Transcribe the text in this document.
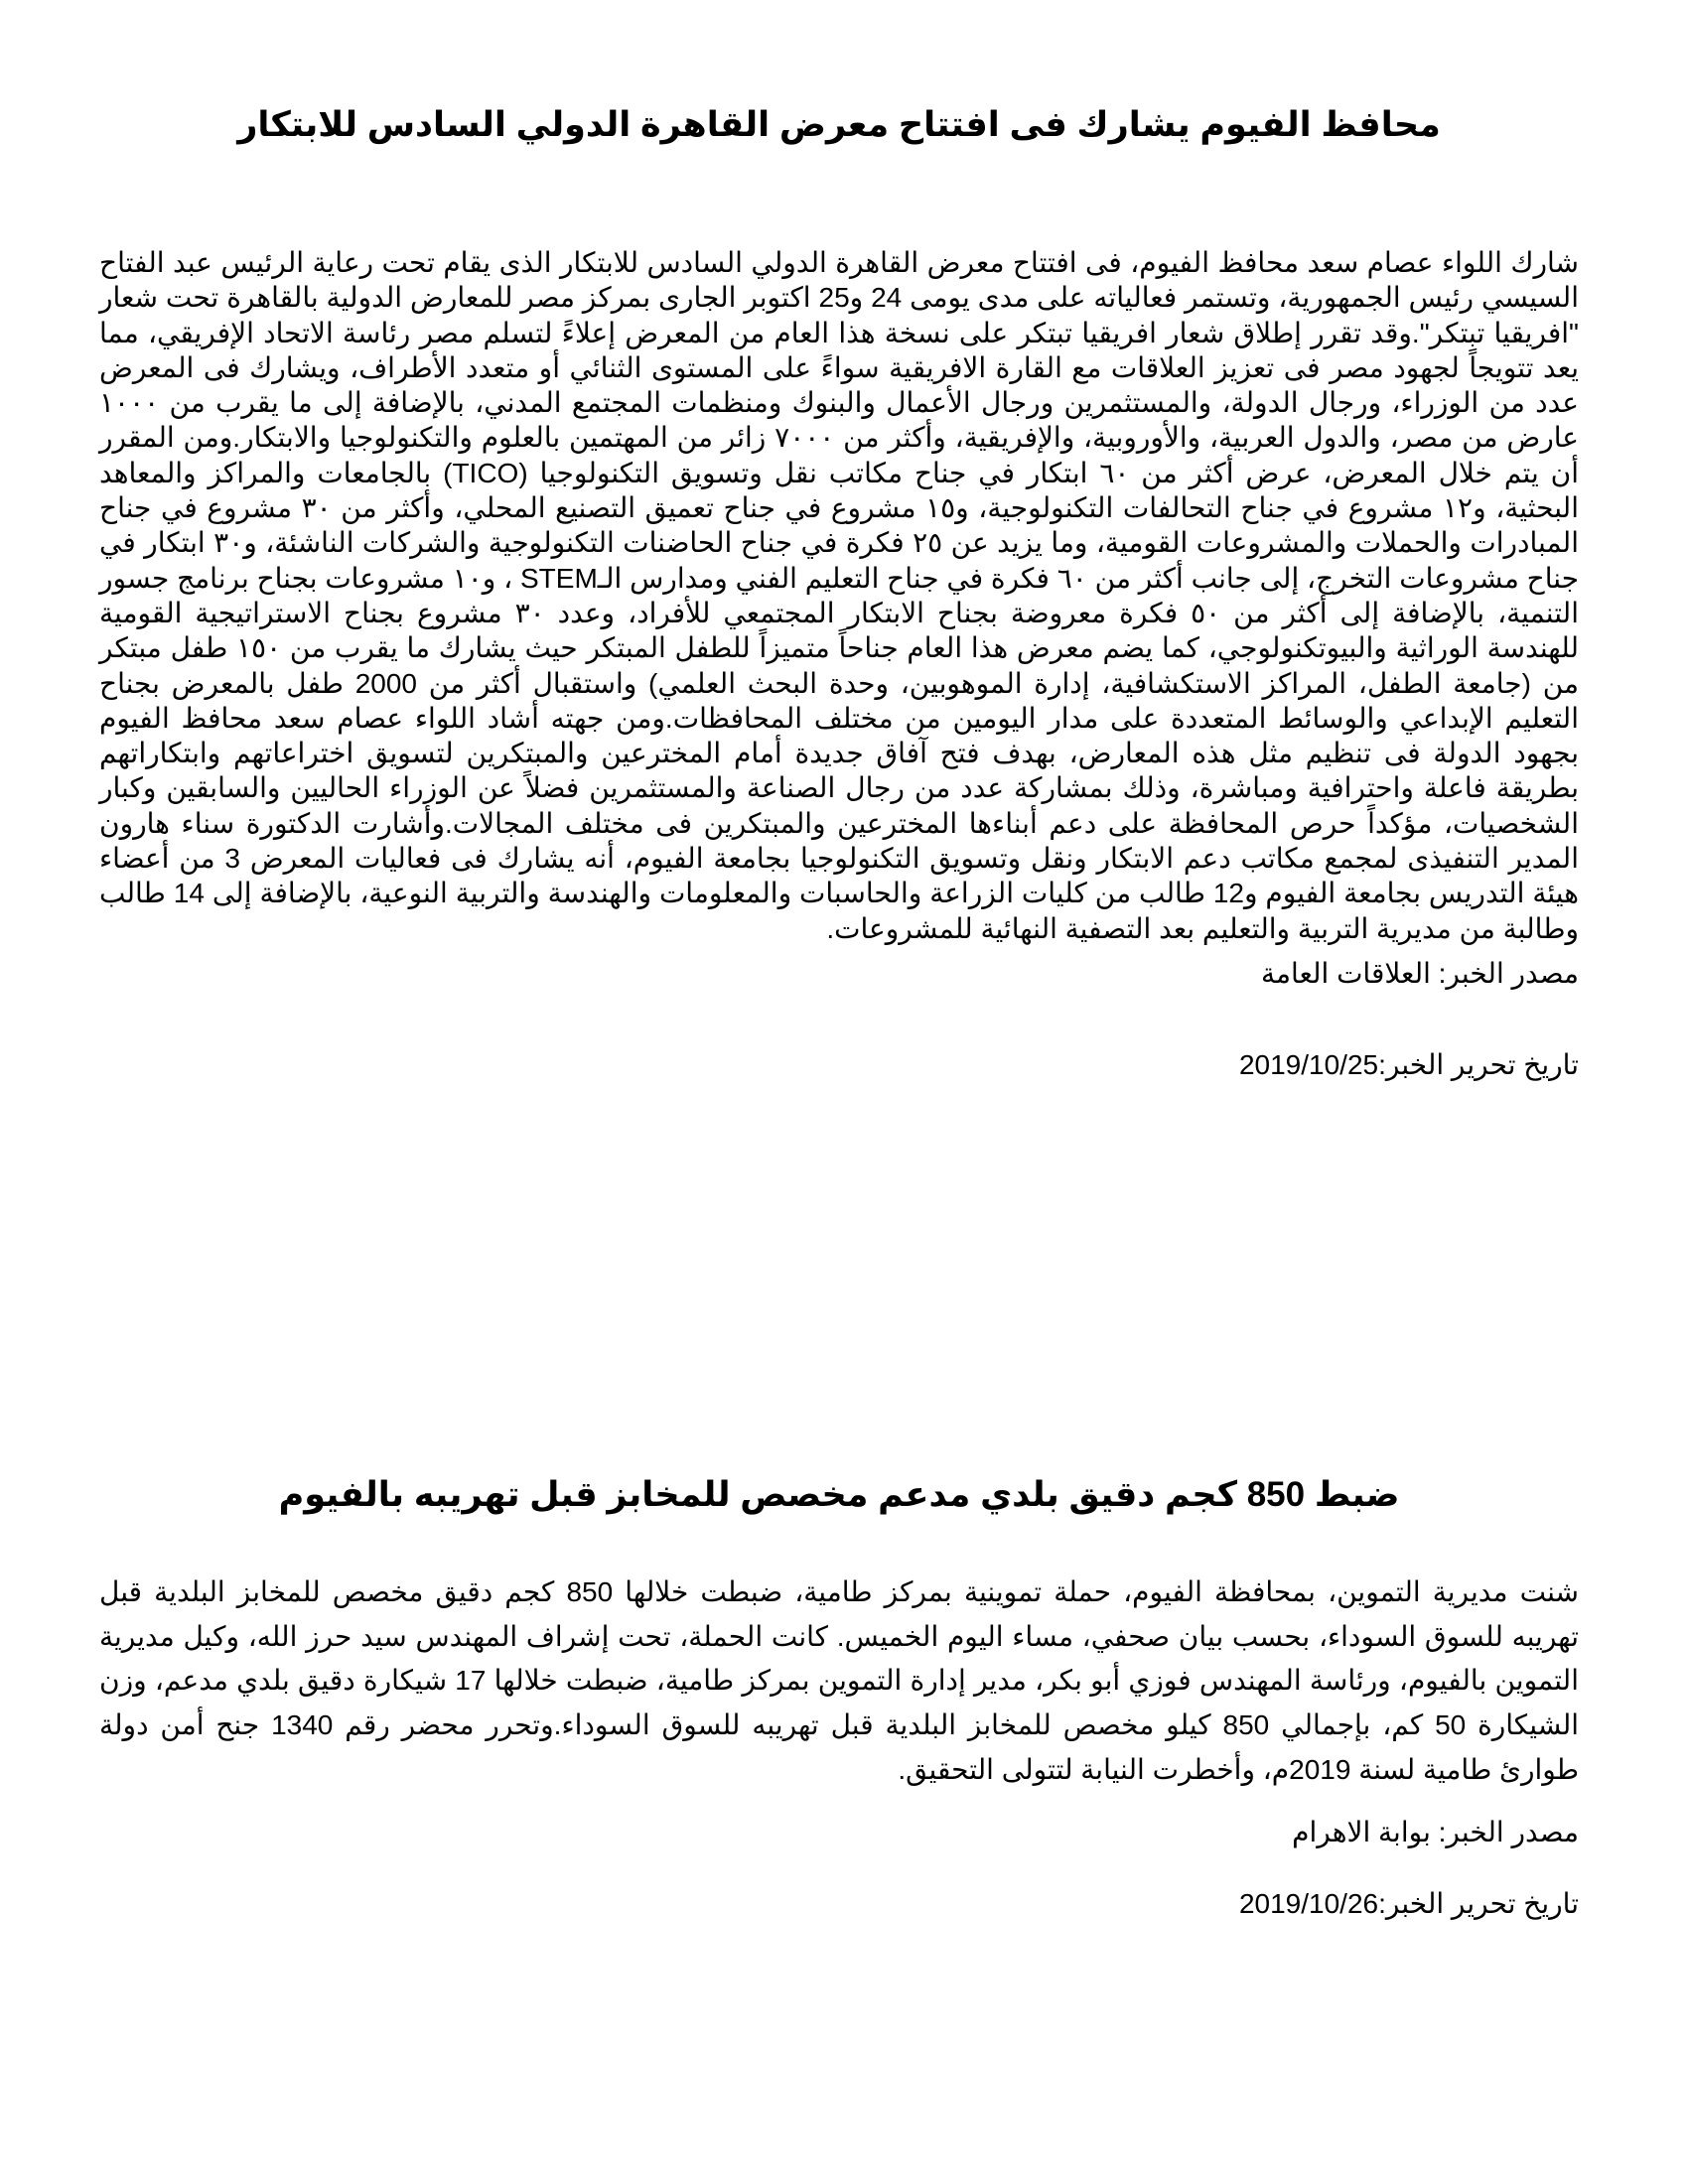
محافظ الفيوم يشارك فى افتتاح معرض القاهرة الدولي السادس للابتكار

شارك اللواء عصام سعد محافظ الفيوم، فى افتتاح معرض القاهرة الدولي السادس للابتكار الذى يقام تحت رعاية الرئيس عبد الفتاح السيسي رئيس الجمهورية، وتستمر فعالياته على مدى يومى 24 و25 اكتوبر الجارى بمركز مصر للمعارض الدولية بالقاهرة تحت شعار "افريقيا تبتكر".وقد تقرر إطلاق شعار افريقيا تبتكر على نسخة هذا العام من المعرض إعلاءً لتسلم مصر رئاسة الاتحاد الإفريقي، مما يعد تتويجاً لجهود مصر فى تعزيز العلاقات مع القارة الافريقية سواءً على المستوى الثنائي أو متعدد الأطراف، ويشارك فى المعرض عدد من الوزراء، ورجال الدولة، والمستثمرين ورجال الأعمال والبنوك ومنظمات المجتمع المدني، بالإضافة إلى ما يقرب من ١٠٠٠ عارض من مصر، والدول العربية، والأوروبية، والإفريقية، وأكثر من ٧٠٠٠ زائر من المهتمين بالعلوم والتكنولوجيا والابتكار.ومن المقرر أن يتم خلال المعرض، عرض أكثر من ٦٠ ابتكار في جناح مكاتب نقل وتسويق التكنولوجيا (TICO) بالجامعات والمراكز والمعاهد البحثية، و١٢ مشروع في جناح التحالفات التكنولوجية، و١٥ مشروع في جناح تعميق التصنيع المحلي، وأكثر من ٣٠ مشروع في جناح المبادرات والحملات والمشروعات القومية، وما يزيد عن ٢٥ فكرة في جناح الحاضنات التكنولوجية والشركات الناشئة، و٣٠ ابتكار في جناح مشروعات التخرج، إلى جانب أكثر من ٦٠ فكرة في جناح التعليم الفني ومدارس الـSTEM ، و١٠ مشروعات بجناح برنامج جسور التنمية، بالإضافة إلى أكثر من ٥٠ فكرة معروضة بجناح الابتكار المجتمعي للأفراد، وعدد ٣٠ مشروع بجناح الاستراتيجية القومية للهندسة الوراثية والبيوتكنولوجي، كما يضم معرض هذا العام جناحاً متميزاً للطفل المبتكر حيث يشارك ما يقرب من ١٥٠ طفل مبتكر من (جامعة الطفل، المراكز الاستكشافية، إدارة الموهوبين، وحدة البحث العلمي) واستقبال أكثر من 2000 طفل بالمعرض بجناح التعليم الإبداعي والوسائط المتعددة على مدار اليومين من مختلف المحافظات.ومن جهته أشاد اللواء عصام سعد محافظ الفيوم بجهود الدولة فى تنظيم مثل هذه المعارض، بهدف فتح آفاق جديدة أمام المخترعين والمبتكرين لتسويق اختراعاتهم وابتكاراتهم بطريقة فاعلة واحترافية ومباشرة، وذلك بمشاركة عدد من رجال الصناعة والمستثمرين فضلاً عن الوزراء الحاليين والسابقين وكبار الشخصيات، مؤكداً حرص المحافظة على دعم أبناءها المخترعين والمبتكرين فى مختلف المجالات.وأشارت الدكتورة سناء هارون المدير التنفيذى لمجمع مكاتب دعم الابتكار ونقل وتسويق التكنولوجيا بجامعة الفيوم، أنه يشارك فى فعاليات المعرض 3 من أعضاء هيئة التدريس بجامعة الفيوم و12 طالب من كليات الزراعة والحاسبات والمعلومات والهندسة والتربية النوعية، بالإضافة إلى 14 طالب وطالبة من مديرية التربية والتعليم بعد التصفية النهائية للمشروعات.

مصدر الخبر: العلاقات العامة

تاريخ تحرير الخبر:2019/10/25

ضبط 850 كجم دقيق بلدي مدعم مخصص للمخابز قبل تهريبه بالفيوم

شنت مديرية التموين، بمحافظة الفيوم، حملة تموينية بمركز طامية، ضبطت خلالها 850 كجم دقيق مخصص للمخابز البلدية قبل تهريبه للسوق السوداء، بحسب بيان صحفي، مساء اليوم الخميس. كانت الحملة، تحت إشراف المهندس سيد حرز الله، وكيل مديرية التموين بالفيوم، ورئاسة المهندس فوزي أبو بكر، مدير إدارة التموين بمركز طامية، ضبطت خلالها 17 شيكارة دقيق بلدي مدعم، وزن الشيكارة 50 كم، بإجمالي 850 كيلو مخصص للمخابز البلدية قبل تهريبه للسوق السوداء.وتحرر محضر رقم 1340 جنح أمن دولة طوارئ طامية لسنة 2019م، وأخطرت النيابة لتتولى التحقيق.

مصدر الخبر: بوابة الاهرام

تاريخ تحرير الخبر:2019/10/26
